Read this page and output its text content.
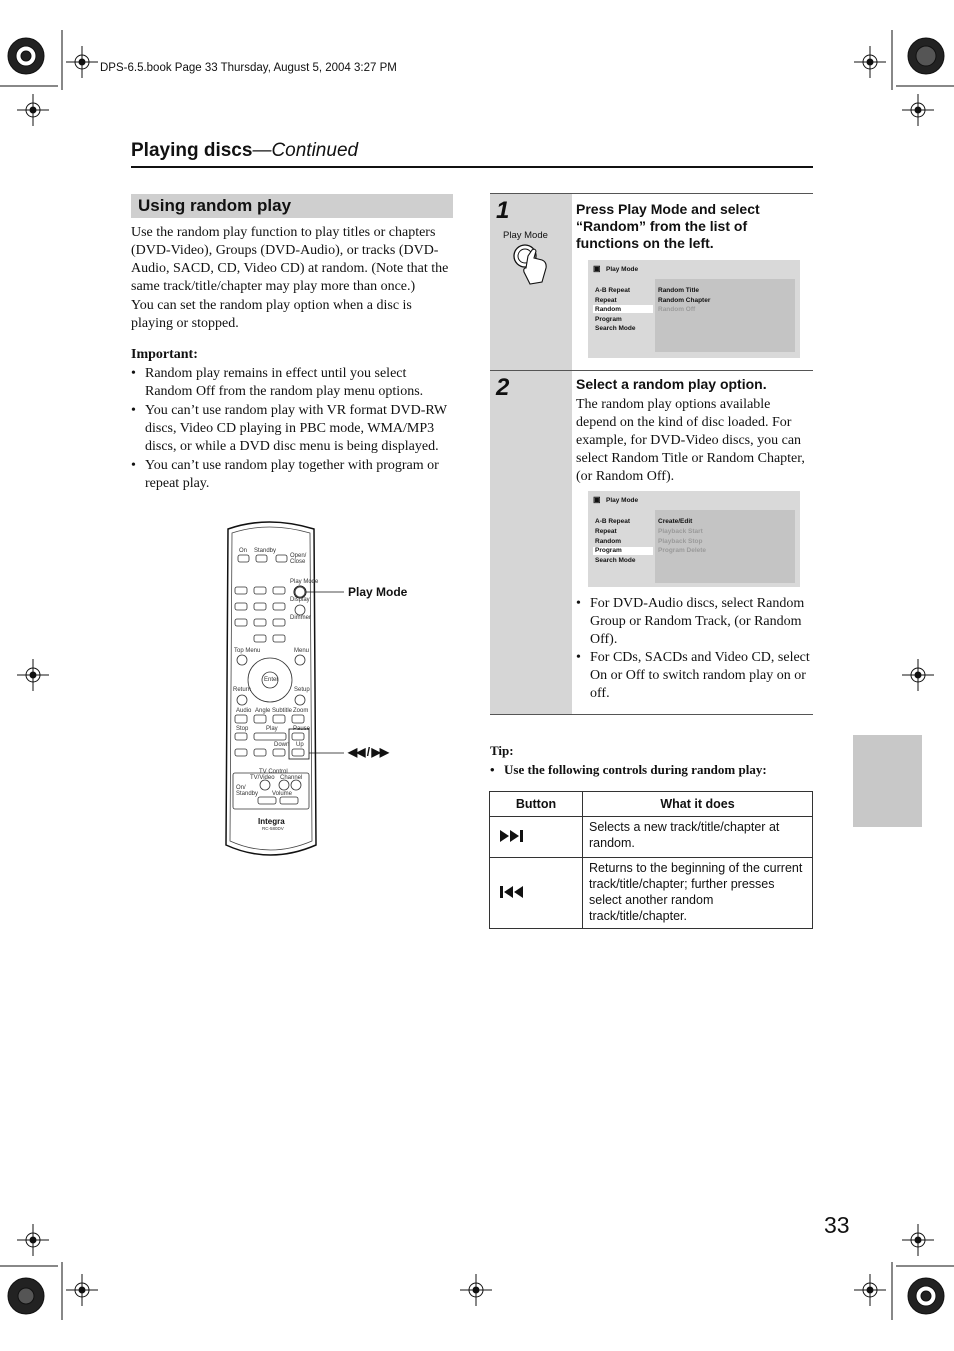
DPS-6.5.book Page 33 Thursday, August 5, 2004 3:27 PM
Playing discs—Continued
Using random play

Use the random play function to play titles or chapters (DVD-Video), Groups (DVD-Audio), or tracks (DVD-Audio, SACD, CD, Video CD) at random. (Note that the same track/title/chapter may play more than once.)

You can set the random play option when a disc is playing or stopped.

Important:

• Random play remains in effect until you select Random Off from the random play menu options.

• You can’t use random play with VR format DVD-RW discs, Video CD playing in PBC mode, WMA/MP3 discs, or while a DVD disc menu is being displayed.

• You can’t use random play together with program or repeat play.

On Standby
Open/ Close
Play Mode
Display
Dimmer
Top Menu	Menu
Enter
Return	Setup
Audio Angle Subtitle Zoom
Stop	Play	Pause
Down Up
TV Control
TV/Video Channel
On/ Standby Volume
Integra
RC-580DV
Play Mode
◀◀ / ▶▶
1
Play Mode
Press Play Mode and select “Random” from the list of functions on the left.
▣ Play Mode
A-B Repeat
Repeat
Random
Program
Search Mode
Random Title
Random Chapter
Random Off
2	Select a random play option.
The random play options available depend on the kind of disc loaded. For example, for DVD-Video discs, you can select Random Title or Random Chapter, (or Random Off).
▣ Play Mode
A-B Repeat
Repeat
Random
Program
Search Mode
Create/Edit
Playback Start
Playback Stop
Program Delete

• For DVD-Audio discs, select Random Group or Random Track, (or Random Off).

• For CDs, SACDs and Video CD, select On or Off to switch random play on or off.

Tip:
• Use the following controls during random play:
Button	What it does
	Selects a new track/title/chapter at random.
	Returns to the beginning of the current track/title/chapter; further presses select another random track/title/chapter.
33
